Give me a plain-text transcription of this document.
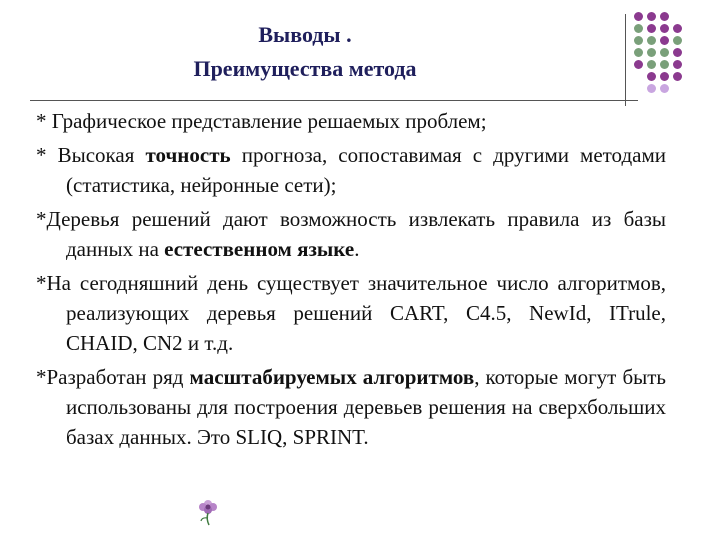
Выводы .
Преимущества метода
* Графическое представление решаемых проблем;
* Высокая точность прогноза, сопоставимая с другими методами (статистика, нейронные сети);
*Деревья решений дают возможность извлекать правила из базы данных на естественном языке.
*На сегодняшний день существует значительное число алгоритмов, реализующих деревья решений CART, C4.5, NewId, ITrule, CHAID, CN2 и т.д.
*Разработан ряд масштабируемых алгоритмов, которые могут быть использованы для построения деревьев решения на сверхбольших базах данных. Это SLIQ, SPRINT.
